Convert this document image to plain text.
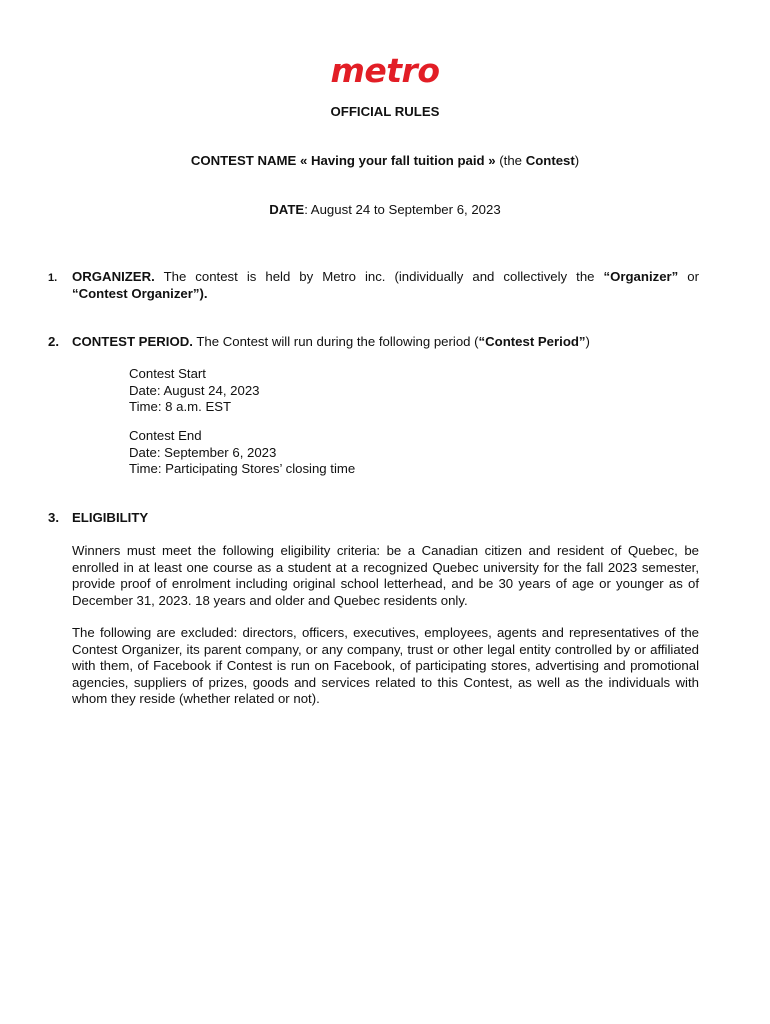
metro
OFFICIAL RULES
CONTEST NAME « Having your fall tuition paid » (the Contest)
DATE: August 24 to September 6, 2023
1. ORGANIZER. The contest is held by Metro inc. (individually and collectively the “Organizer” or
“Contest Organizer”).
2. CONTEST PERIOD. The Contest will run during the following period (“Contest Period”)
Contest Start
Date: August 24, 2023
Time: 8 a.m. EST
Contest End
Date: September 6, 2023
Time: Participating Stores’ closing time
3. ELIGIBILITY
Winners must meet the following eligibility criteria: be a Canadian citizen and resident of Quebec, be enrolled in at least one course as a student at a recognized Quebec university for the fall 2023 semester, provide proof of enrolment including original school letterhead, and be 30 years of age or younger as of December 31, 2023. 18 years and older and Quebec residents only.
The following are excluded: directors, officers, executives, employees, agents and representatives of the Contest Organizer, its parent company, or any company, trust or other legal entity controlled by or affiliated with them, of Facebook if Contest is run on Facebook, of participating stores, advertising and promotional agencies, suppliers of prizes, goods and services related to this Contest, as well as the individuals with whom they reside (whether related or not).
